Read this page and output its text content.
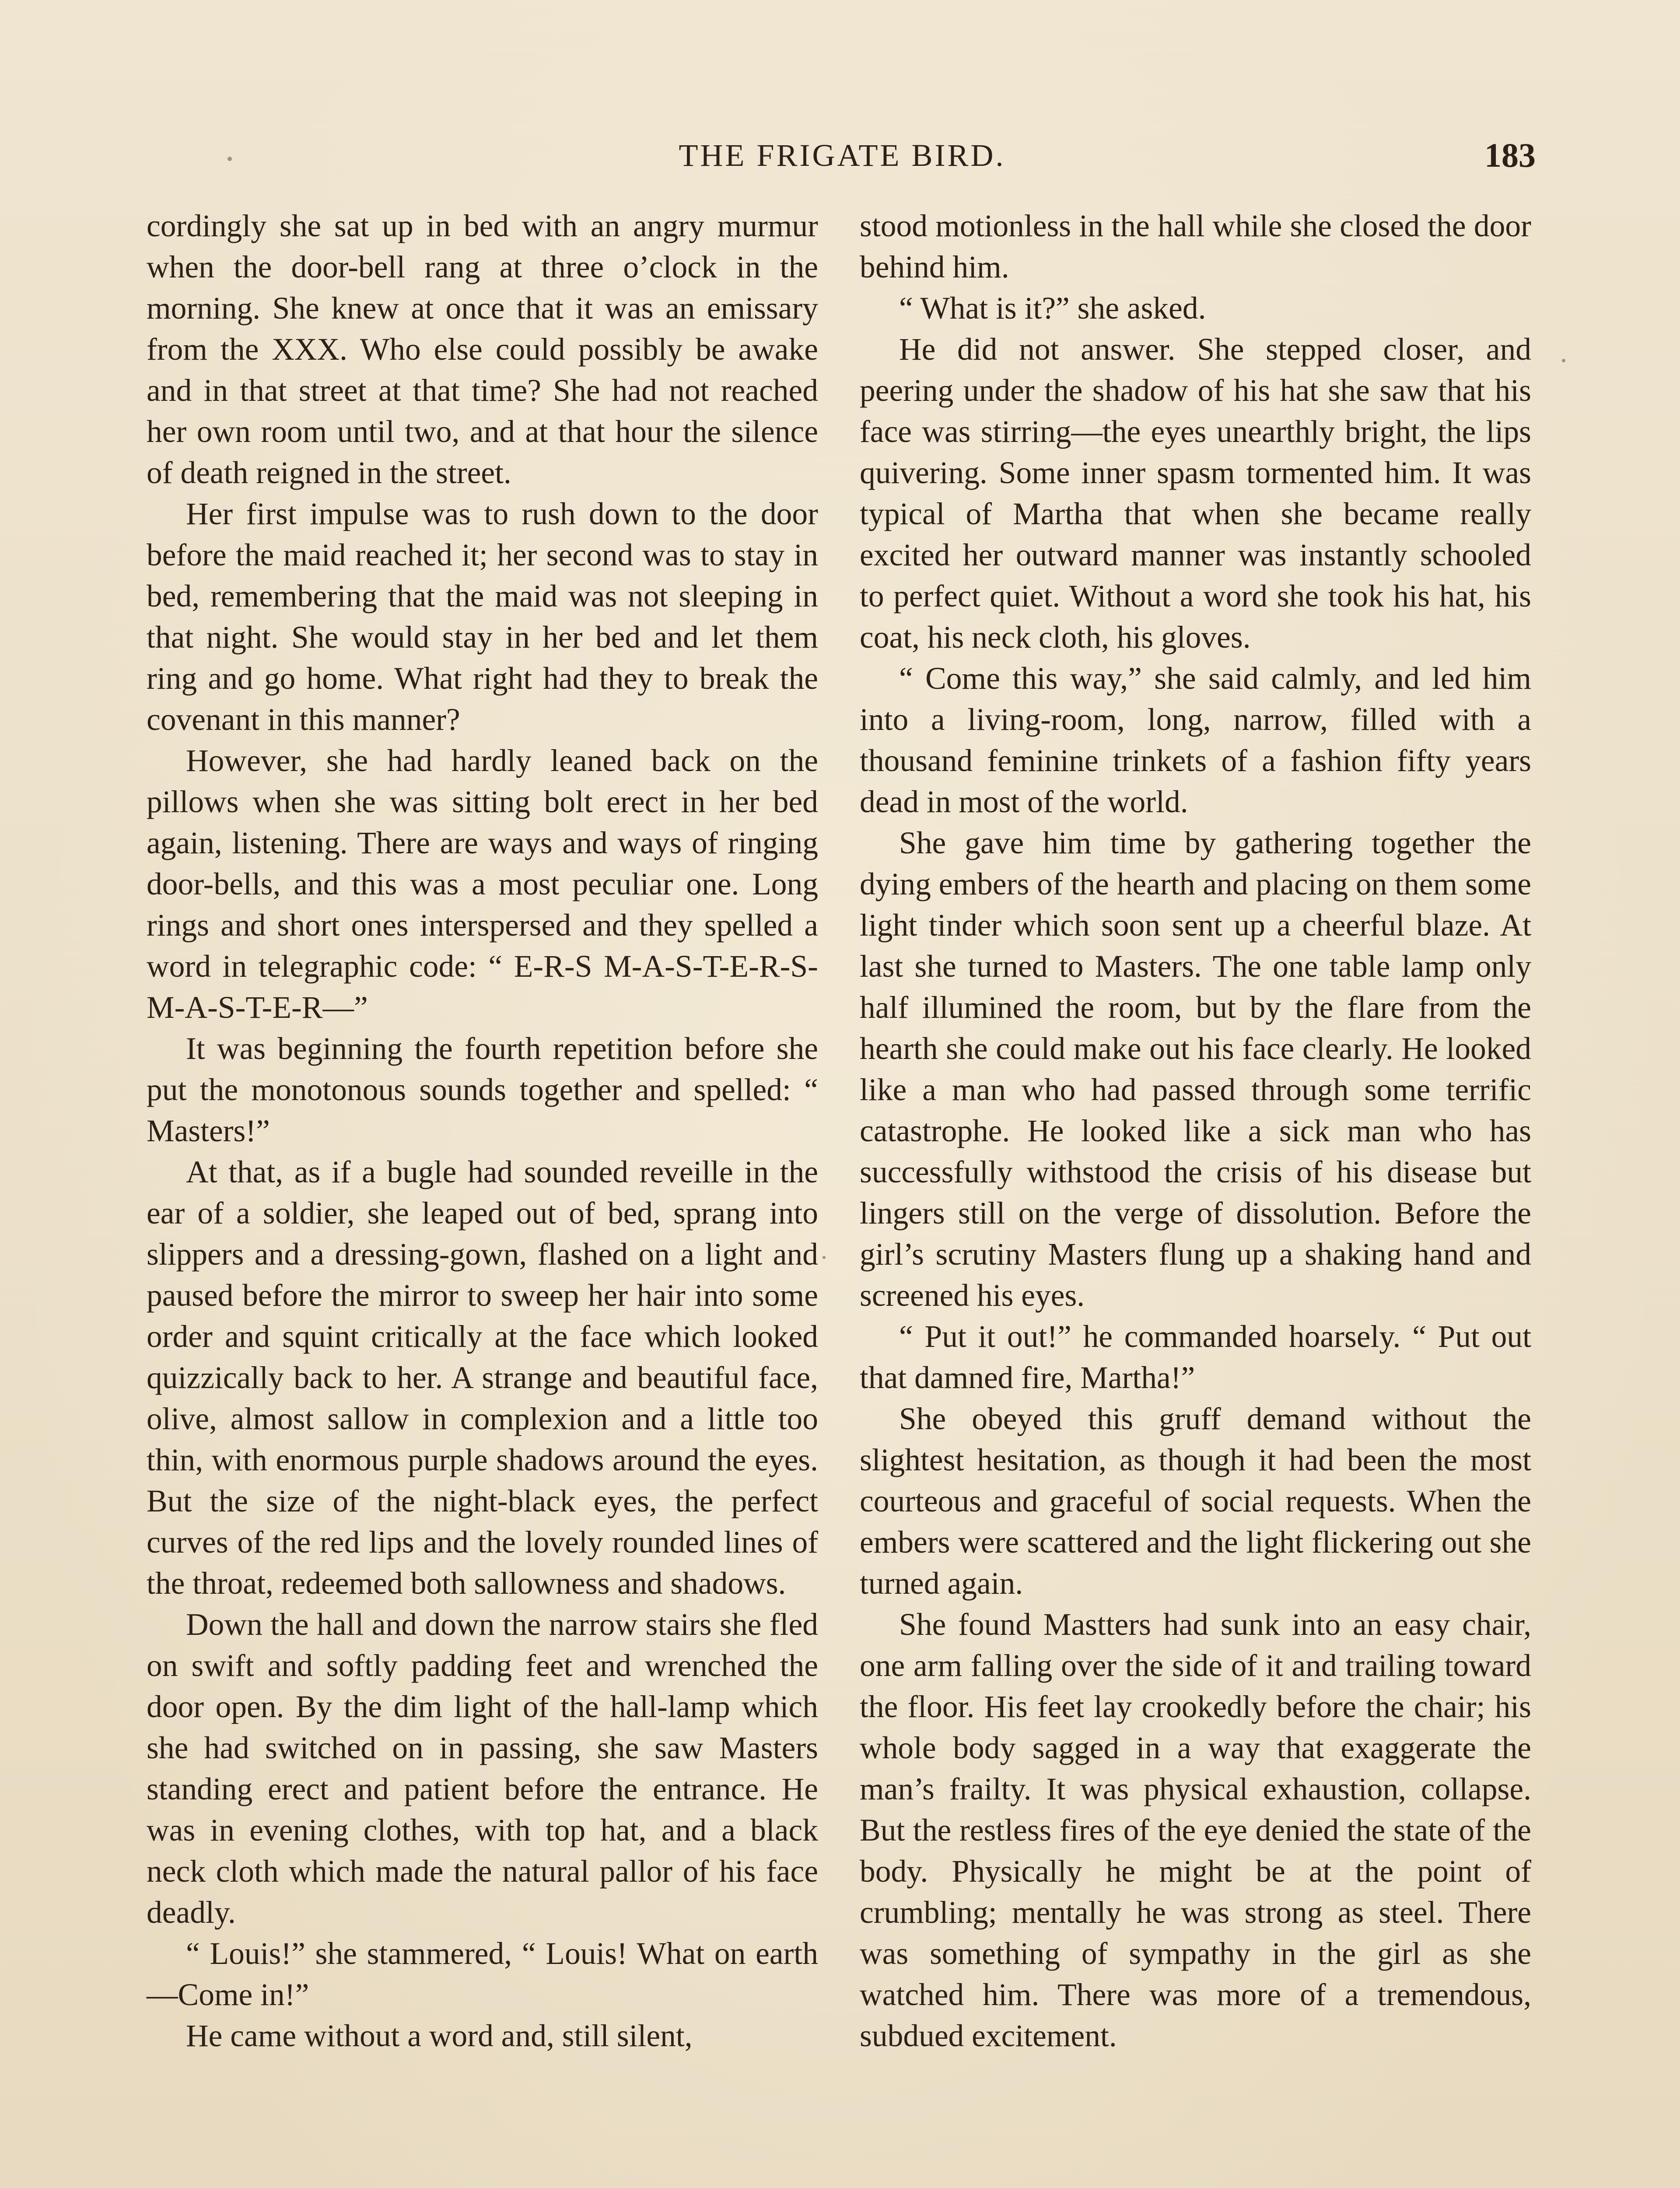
THE FRIGATE BIRD.	183

cordingly she sat up in bed with an angry murmur when the door-bell rang at three o’clock in the morning. She knew at once that it was an emissary from the XXX. Who else could possibly be awake and in that street at that time? She had not reached her own room until two, and at that hour the silence of death reigned in the street.

Her first impulse was to rush down to the door before the maid reached it; her second was to stay in bed, remembering that the maid was not sleeping in that night. She would stay in her bed and let them ring and go home. What right had they to break the covenant in this manner?

However, she had hardly leaned back on the pillows when she was sitting bolt erect in her bed again, listening. There are ways and ways of ringing door-bells, and this was a most peculiar one. Long rings and short ones interspersed and they spelled a word in telegraphic code: “ E-R-S M-A-S-T-E-R-S-M-A-S-T-E-R—”

It was beginning the fourth repetition before she put the monotonous sounds together and spelled: “ Masters!”

At that, as if a bugle had sounded reveille in the ear of a soldier, she leaped out of bed, sprang into slippers and a dressing-gown, flashed on a light and paused before the mirror to sweep her hair into some order and squint critically at the face which looked quizzically back to her. A strange and beautiful face, olive, almost sallow in complexion and a little too thin, with enormous purple shadows around the eyes. But the size of the night-black eyes, the perfect curves of the red lips and the lovely rounded lines of the throat, redeemed both sallowness and shadows.

Down the hall and down the narrow stairs she fled on swift and softly padding feet and wrenched the door open. By the dim light of the hall-lamp which she had switched on in passing, she saw Masters standing erect and patient before the entrance. He was in evening clothes, with top hat, and a black neck cloth which made the natural pallor of his face deadly.

“ Louis!” she stammered, “ Louis! What on earth—Come in!”

He came without a word and, still silent,

stood motionless in the hall while she closed the door behind him.

“ What is it?” she asked.

He did not answer. She stepped closer, and peering under the shadow of his hat she saw that his face was stirring—the eyes unearthly bright, the lips quivering. Some inner spasm tormented him. It was typical of Martha that when she became really excited her outward manner was instantly schooled to perfect quiet. Without a word she took his hat, his coat, his neck cloth, his gloves.

“ Come this way,” she said calmly, and led him into a living-room, long, narrow, filled with a thousand feminine trinkets of a fashion fifty years dead in most of the world.

She gave him time by gathering together the dying embers of the hearth and placing on them some light tinder which soon sent up a cheerful blaze. At last she turned to Masters. The one table lamp only half illumined the room, but by the flare from the hearth she could make out his face clearly. He looked like a man who had passed through some terrific catastrophe. He looked like a sick man who has successfully withstood the crisis of his disease but lingers still on the verge of dissolution. Before the girl’s scrutiny Masters flung up a shaking hand and screened his eyes.

“ Put it out!” he commanded hoarsely. “ Put out that damned fire, Martha!”

She obeyed this gruff demand without the slightest hesitation, as though it had been the most courteous and graceful of social requests. When the embers were scattered and the light flickering out she turned again.

She found Mastters had sunk into an easy chair, one arm falling over the side of it and trailing toward the floor. His feet lay crookedly before the chair; his whole body sagged in a way that exaggerate the man’s frailty. It was physical exhaustion, collapse. But the restless fires of the eye denied the state of the body. Physically he might be at the point of crumbling; mentally he was strong as steel. There was something of sympathy in the girl as she watched him. There was more of a tremendous, subdued excitement.
